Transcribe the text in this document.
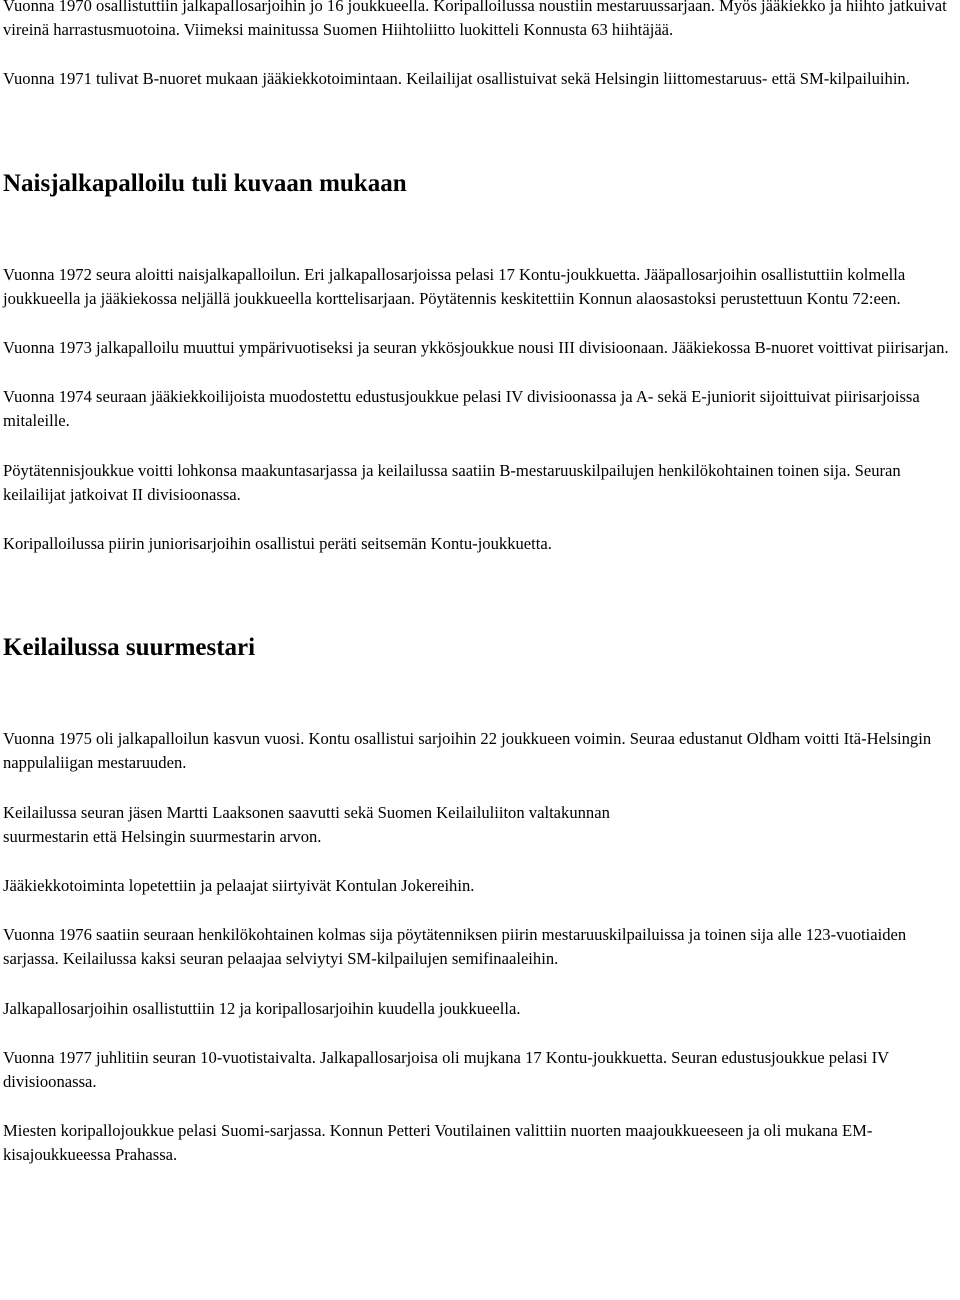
Vuonna 1970 osallistuttiin jalkapallosarjoihin jo 16 joukkueella. Koripalloilussa noustiin mestaruussarjaan. Myös jääkiekko ja hiihto jatkuivat vireinä harrastusmuotoina. Viimeksi mainitussa Suomen Hiihtoliitto luokitteli Konnusta 63 hiihtäjää.

Vuonna 1971 tulivat B-nuoret mukaan jääkiekkotoimintaan. Keilailijat osallistuivat sekä Helsingin liittomestaruus- että SM-kilpailuihin.

Naisjalkapalloilu tuli kuvaan mukaan

Vuonna 1972 seura aloitti naisjalkapalloilun. Eri jalkapallosarjoissa pelasi 17 Kontu-joukkuetta. Jääpallosarjoihin osallistuttiin kolmella joukkueella ja jääkiekossa neljällä joukkueella korttelisarjaan. Pöytätennis keskitettiin Konnun alaosastoksi perustettuun Kontu 72:een.

Vuonna 1973 jalkapalloilu muuttui ympärivuotiseksi ja seuran ykkösjoukkue nousi III divisioonaan. Jääkiekossa B-nuoret voittivat piirisarjan.

Vuonna 1974 seuraan jääkiekkoilijoista muodostettu edustusjoukkue pelasi IV divisioonassa ja A- sekä E-juniorit sijoittuivat piirisarjoissa mitaleille.

Pöytätennisjoukkue voitti lohkonsa maakuntasarjassa ja keilailussa saatiin B-mestaruuskilpailujen henkilökohtainen toinen sija. Seuran keilailijat jatkoivat II divisioonassa.

Koripalloilussa piirin juniorisarjoihin osallistui peräti seitsemän Kontu-joukkuetta.

Keilailussa suurmestari

Vuonna 1975 oli jalkapalloilun kasvun vuosi. Kontu osallistui sarjoihin 22 joukkueen voimin. Seuraa edustanut Oldham voitti Itä-Helsingin nappulaliigan mestaruuden.

Keilailussa seuran jäsen Martti Laaksonen saavutti sekä Suomen Keilailuliiton valtakunnan suurmestarin että Helsingin suurmestarin arvon.

Jääkiekkotoiminta lopetettiin ja pelaajat siirtyivät Kontulan Jokereihin.

Vuonna 1976 saatiin seuraan henkilökohtainen kolmas sija pöytätenniksen piirin mestaruuskilpailuissa ja toinen sija alle 123-vuotiaiden sarjassa. Keilailussa kaksi seuran pelaajaa selviytyi SM-kilpailujen semifinaaleihin.

Jalkapallosarjoihin osallistuttiin 12 ja koripallosarjoihin kuudella joukkueella.

Vuonna 1977 juhlitiin seuran 10-vuotistaivalta. Jalkapallosarjoisa oli mujkana 17 Kontu-joukkuetta. Seuran edustusjoukkue pelasi IV divisioonassa.

Miesten koripallojoukkue pelasi Suomi-sarjassa. Konnun Petteri Voutilainen valittiin nuorten maajoukkueeseen ja oli mukana EM-kisajoukkueessa Prahassa.
